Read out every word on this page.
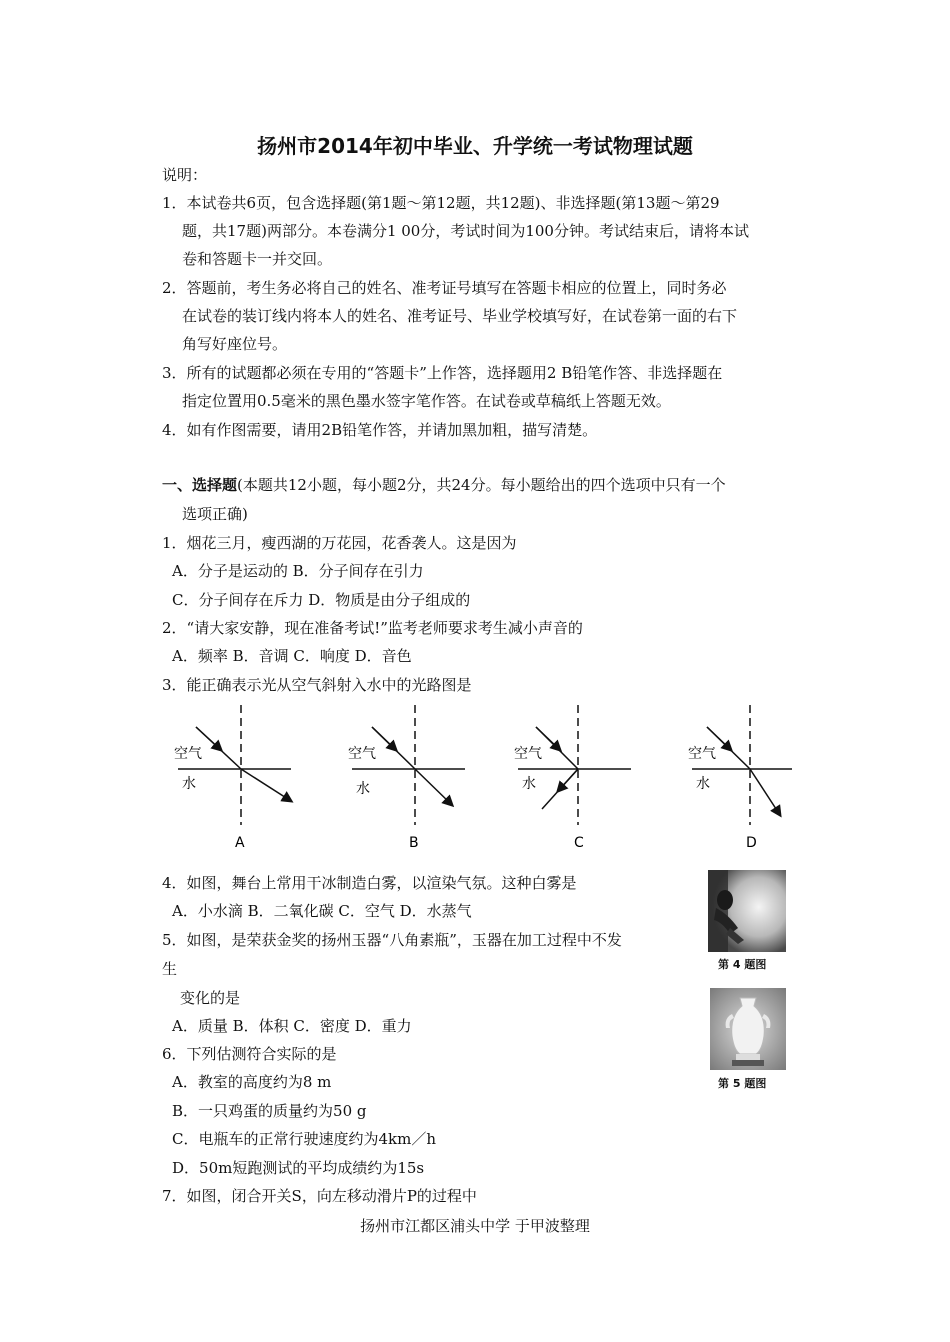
扬州市2014年初中毕业、升学统一考试物理试题
说明：
1．本试卷共6页，包含选择题(第1题～第12题，共12题)、非选择题(第13题～第29
题，共17题)两部分。本卷满分1 00分，考试时间为100分钟。考试结束后，请将本试
卷和答题卡一并交回。
2．答题前，考生务必将自己的姓名、准考证号填写在答题卡相应的位置上，同时务必
在试卷的装订线内将本人的姓名、准考证号、毕业学校填写好，在试卷第一面的右下
角写好座位号。
3．所有的试题都必须在专用的“答题卡”上作答，选择题用2 B铅笔作答、非选择题在
指定位置用0.5毫米的黑色墨水签字笔作答。在试卷或草稿纸上答题无效。
4．如有作图需要，请用2B铅笔作答，并请加黑加粗，描写清楚。
一、选择题(本题共12小题，每小题2分，共24分。每小题给出的四个选项中只有一个
选项正确)
1．烟花三月，瘦西湖的万花园，花香袭人。这是因为
A．分子是运动的 B．分子间存在引力
C．分子间存在斥力 D．物质是由分子组成的
2．“请大家安静，现在准备考试!”监考老师要求考生减小声音的
A．频率 B．音调 C．响度 D．音色
3．能正确表示光从空气斜射入水中的光路图是
空气
水
A
空气
水
B
空气
水
C
空气
水
D
4．如图，舞台上常用干冰制造白雾，以渲染气氛。这种白雾是
A．小水滴 B．二氧化碳 C．空气 D．水蒸气
第 4 题图
5．如图，是荣获金奖的扬州玉器“八角素瓶”，玉器在加工过程中不发
生
变化的是
A．质量 B．体积 C．密度 D．重力
第 5 题图
6．下列估测符合实际的是
A．教室的高度约为8 m
B．一只鸡蛋的质量约为50 g
C．电瓶车的正常行驶速度约为4km／h
D．50m短跑测试的平均成绩约为15s
7．如图，闭合开关S，向左移动滑片P的过程中
扬州市江都区浦头中学 于甲波整理
